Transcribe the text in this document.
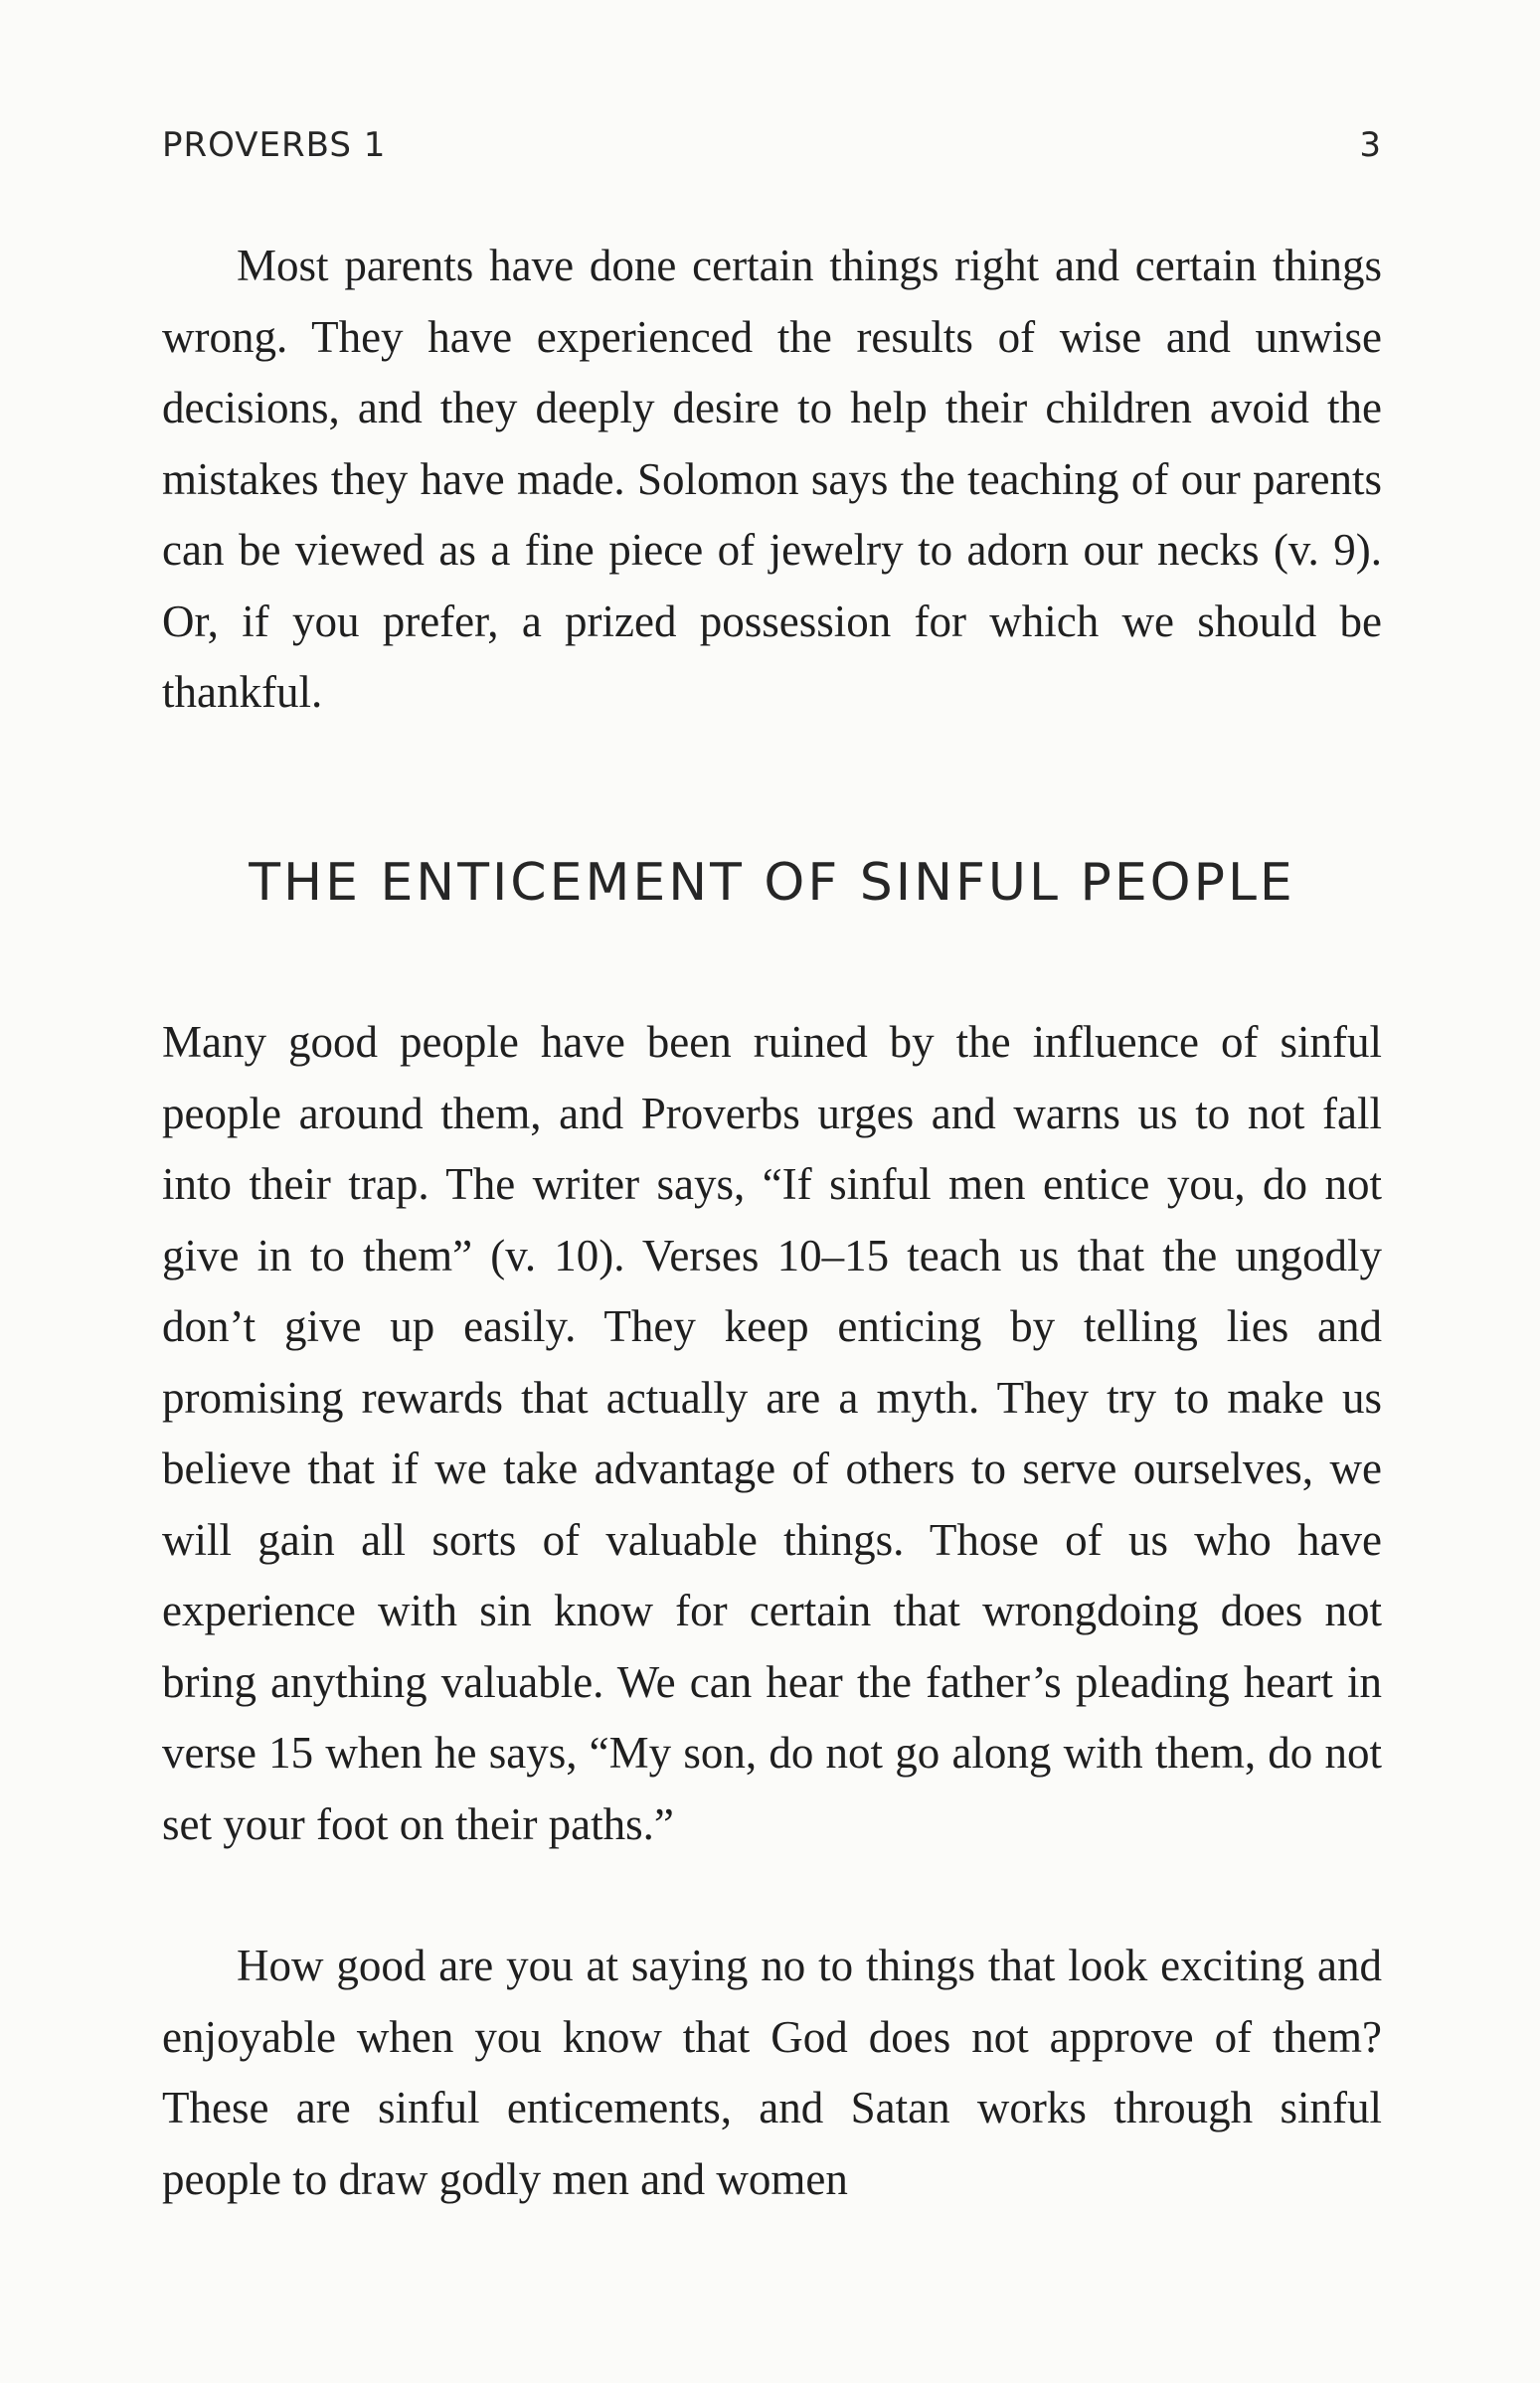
PROVERBS 1	3

Most parents have done certain things right and certain things wrong. They have experienced the results of wise and unwise decisions, and they deeply desire to help their children avoid the mistakes they have made. Solomon says the teaching of our parents can be viewed as a fine piece of jewelry to adorn our necks (v. 9). Or, if you prefer, a prized possession for which we should be thankful.

THE ENTICEMENT OF SINFUL PEOPLE

Many good people have been ruined by the influence of sinful people around them, and Proverbs urges and warns us to not fall into their trap. The writer says, “If sinful men entice you, do not give in to them” (v. 10). Verses 10–15 teach us that the ungodly don’t give up easily. They keep enticing by telling lies and promising rewards that actually are a myth. They try to make us believe that if we take advantage of others to serve ourselves, we will gain all sorts of valuable things. Those of us who have experience with sin know for certain that wrongdoing does not bring anything valuable. We can hear the father’s pleading heart in verse 15 when he says, “My son, do not go along with them, do not set your foot on their paths.”

How good are you at saying no to things that look exciting and enjoyable when you know that God does not approve of them? These are sinful enticements, and Satan works through sinful people to draw godly men and women
